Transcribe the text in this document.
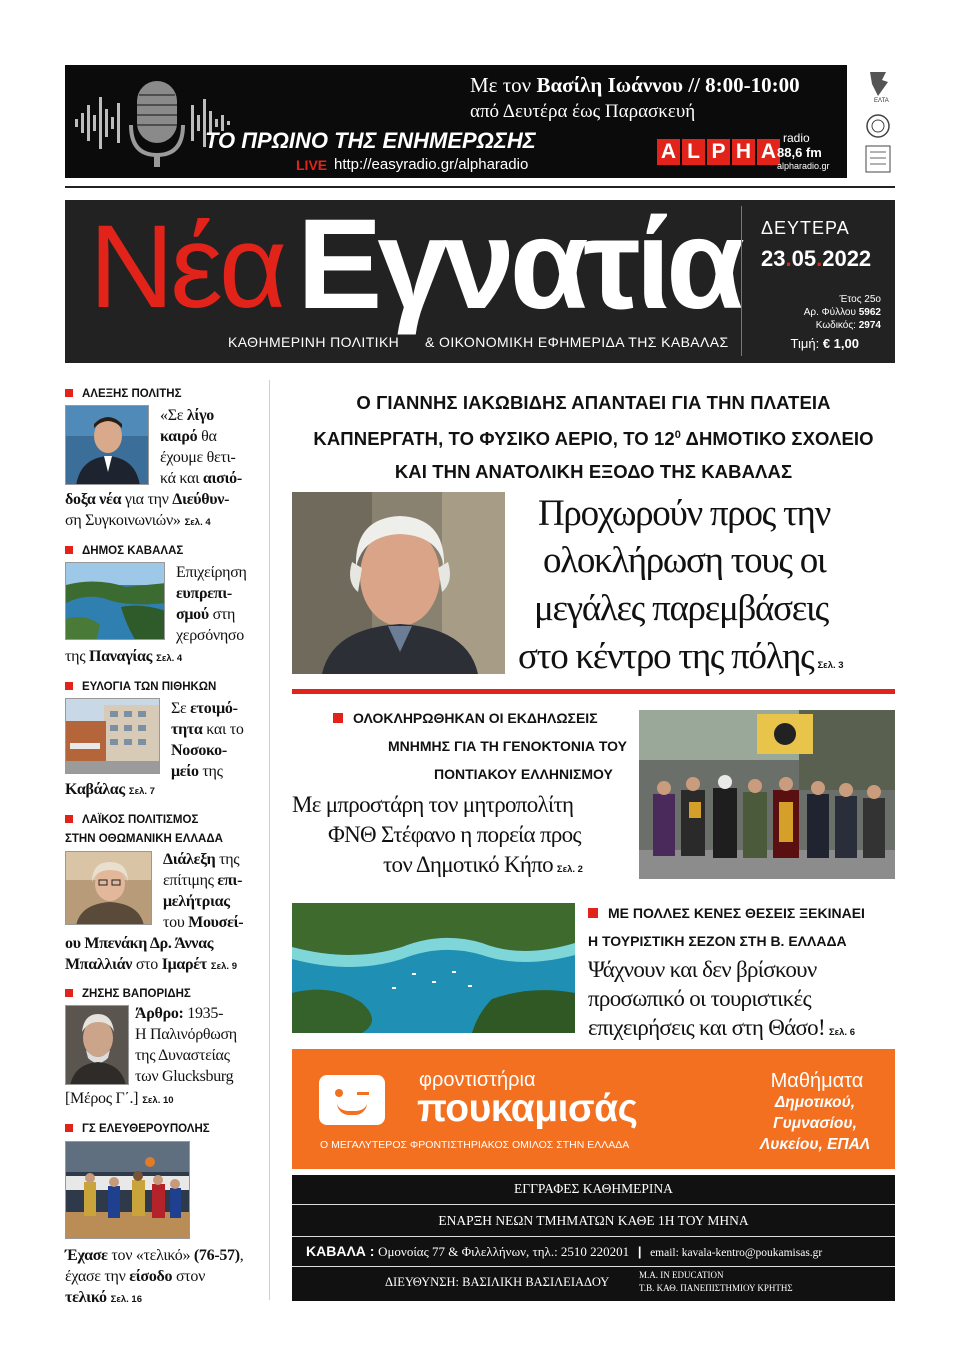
Με τον Βασίλη Ιωάννου // 8:00-10:00
από Δευτέρα έως Παρασκευή
ΤΟ ΠΡΩΙΝΟ ΤΗΣ ΕΝΗΜΕΡΩΣΗΣ
LIVE http://easyradio.gr/alpharadio
A L P H A
radio
88,6 fm
alpharadio.gr
ΕΛΤΑ
Νέα Εγνατία
ΚΑΘΗΜΕΡΙΝΗ ΠΟΛΙΤΙΚΗ & ΟΙΚΟΝΟΜΙΚΗ ΕΦΗΜΕΡΙΔΑ ΤΗΣ ΚΑΒΑΛΑΣ
ΔΕΥΤΕΡΑ
23.05.2022
Έτος 25ο
Αρ. Φύλλου 5962
Κωδικός: 2974
Τιμή: € 1,00
ΑΛΕΞΗΣ ΠΟΛΙΤΗΣ
«Σε λίγο
καιρό θα
έχουμε θετι-
κά και αισιό-
δοξα νέα για την Διεύθυν-
ση Συγκοινωνιών» Σελ. 4
ΔΗΜΟΣ ΚΑΒΑΛΑΣ
Επιχείρηση
ευπρεπι-
σμού στη
χερσόνησο
της Παναγίας Σελ. 4
ΕΥΛΟΓΙΑ ΤΩΝ ΠΙΘΗΚΩΝ
Σε ετοιμό-
τητα και το
Νοσοκο-
μείο της
Καβάλας Σελ. 7
ΛΑΪΚΟΣ ΠΟΛΙΤΙΣΜΟΣ
ΣΤΗΝ ΟΘΩΜΑΝΙΚΗ ΕΛΛΑΔΑ
Διάλεξη της
επίτιμης επι-
μελήτριας
του Μουσεί-
ου Μπενάκη Δρ. Άννας
Μπαλλιάν στο Ιμαρέτ Σελ. 9
ΖΗΣΗΣ ΒΑΠΟΡΙΔΗΣ
Άρθρο: 1935-
Η Παλινόρθωση
της Δυναστείας
των Glucksburg
[Μέρος Γ΄.] Σελ. 10
ΓΣ ΕΛΕΥΘΕΡΟΥΠΟΛΗΣ
Έχασε τον «τελικό» (76-57),
έχασε την είσοδο στον
τελικό Σελ. 16
Ο ΓΙΑΝΝΗΣ ΙΑΚΩΒΙΔΗΣ ΑΠΑΝΤΑΕΙ ΓΙΑ ΤΗΝ ΠΛΑΤΕΙΑ
ΚΑΠΝΕΡΓΑΤΗ, ΤΟ ΦΥΣΙΚΟ ΑΕΡΙΟ, ΤΟ $12^0$ ΔΗΜΟΤΙΚΟ ΣΧΟΛΕΙΟ
ΚΑΙ ΤΗΝ ΑΝΑΤΟΛΙΚΗ ΕΞΟΔΟ ΤΗΣ ΚΑΒΑΛΑΣ
Προχωρούν προς την
ολοκλήρωση τους οι
μεγάλες παρεμβάσεις
στο κέντρο της πόλης Σελ. 3
ΟΛΟΚΛΗΡΩΘΗΚΑΝ ΟΙ ΕΚΔΗΛΩΣΕΙΣ
ΜΝΗΜΗΣ ΓΙΑ ΤΗ ΓΕΝΟΚΤΟΝΙΑ ΤΟΥ
ΠΟΝΤΙΑΚΟΥ ΕΛΛΗΝΙΣΜΟΥ
Με μπροστάρη τον μητροπολίτη
ΦΝΘ Στέφανο η πορεία προς
τον Δημοτικό Κήπο Σελ. 2
ΜΕ ΠΟΛΛΕΣ ΚΕΝΕΣ ΘΕΣΕΙΣ ΞΕΚΙΝΑΕΙ
Η ΤΟΥΡΙΣΤΙΚΗ ΣΕΖΟΝ ΣΤΗ Β. ΕΛΛΑΔΑ
Ψάχνουν και δεν βρίσκουν
προσωπικό οι τουριστικές
επιχειρήσεις και στη Θάσο! Σελ. 6
φροντιστήρια
πουκαμισάς
Ο ΜΕΓΑΛΥΤΕΡΟΣ ΦΡΟΝΤΙΣΤΗΡΙΑΚΟΣ ΟΜΙΛΟΣ ΣΤΗΝ ΕΛΛΑΔΑ
Μαθήματα
Δημοτικού,
Γυμνασίου,
Λυκείου, ΕΠΑΛ
ΕΓΓΡΑΦΕΣ ΚΑΘΗΜΕΡΙΝΑ
ΕΝΑΡΞΗ ΝΕΩΝ ΤΜΗΜΑΤΩΝ ΚΑΘΕ 1Η ΤΟΥ ΜΗΝΑ
ΚΑΒΑΛΑ : Ομονοίας 77 & Φιλελλήνων, τηλ.: 2510 220201 | email: kavala-kentro@poukamisas.gr
ΔΙΕΥΘΥΝΣΗ: ΒΑΣΙΛΙΚΗ ΒΑΣΙΛΕΙΑΔΟΥ	M.A. IN EDUCATION
Τ.Β. ΚΑΘ. ΠΑΝΕΠΙΣΤΗΜΙΟΥ ΚΡΗΤΗΣ
